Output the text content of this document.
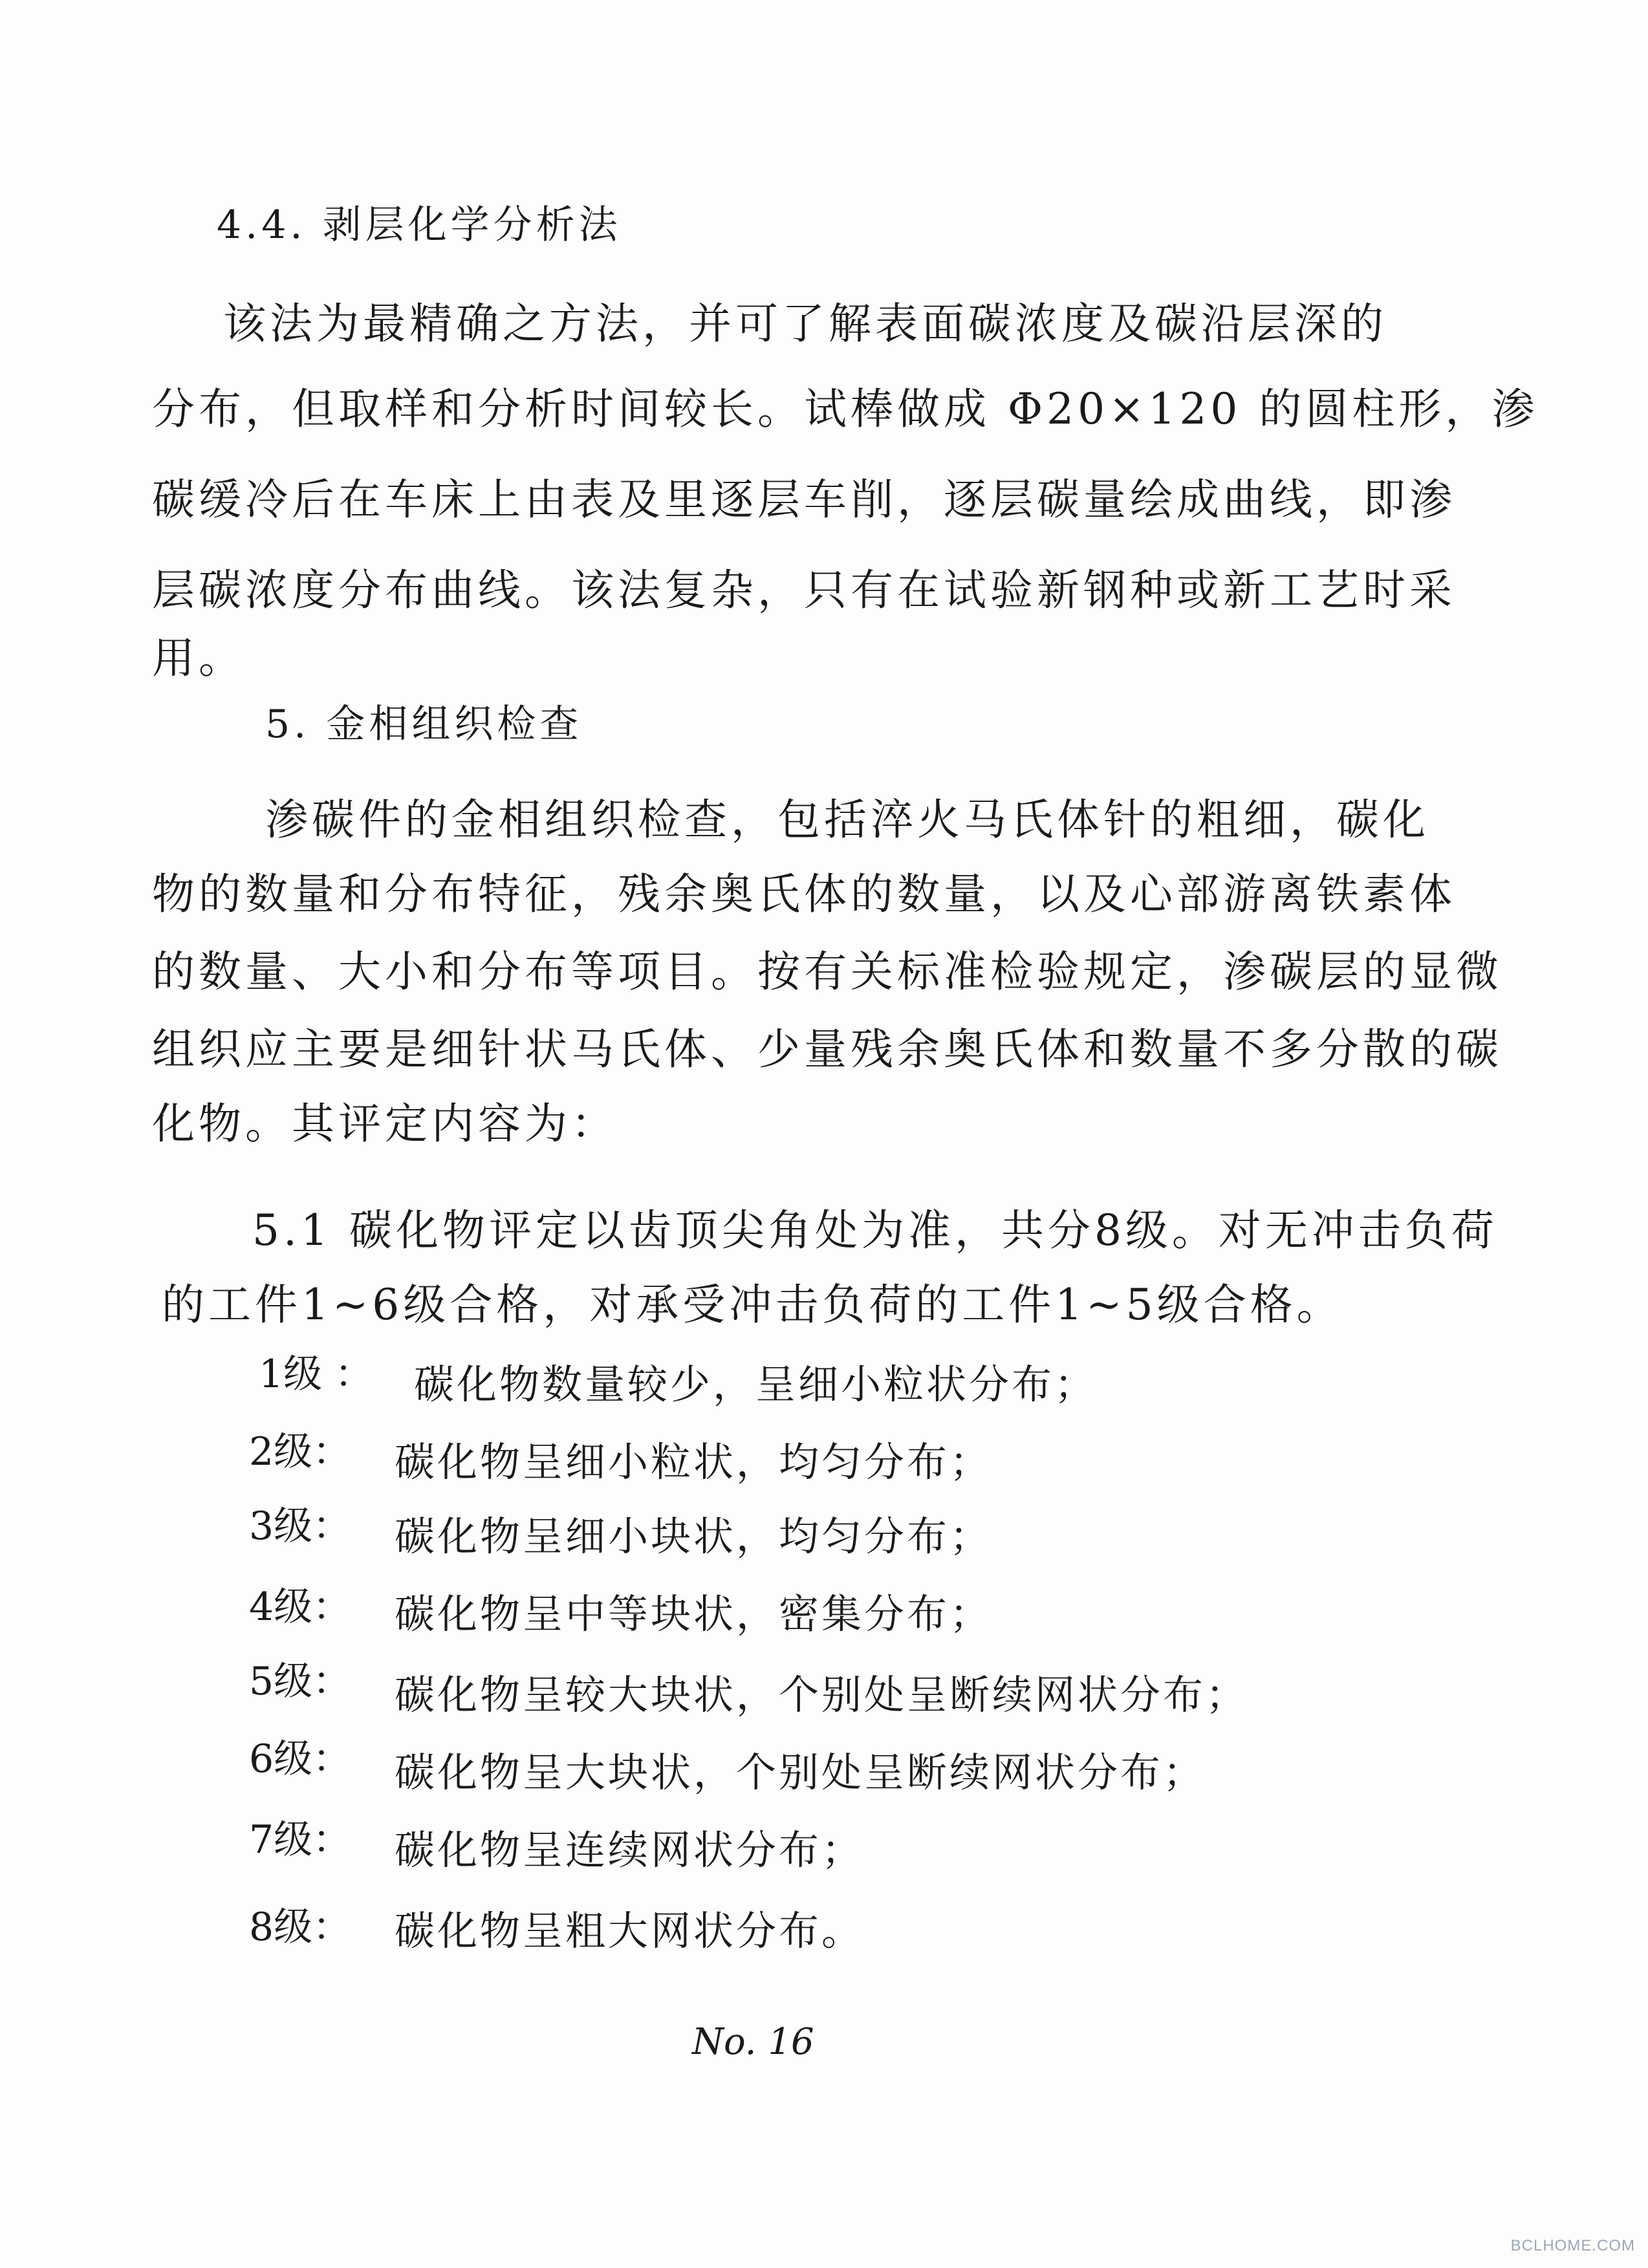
4.4. 剥层化学分析法
该法为最精确之方法，并可了解表面碳浓度及碳沿层深的
分布，但取样和分析时间较长。试棒做成 Φ20×120 的圆柱形，渗
碳缓冷后在车床上由表及里逐层车削，逐层碳量绘成曲线，即渗
层碳浓度分布曲线。该法复杂，只有在试验新钢种或新工艺时采
用。
5. 金相组织检查
渗碳件的金相组织检查，包括淬火马氏体针的粗细，碳化
物的数量和分布特征，残余奥氏体的数量，以及心部游离铁素体
的数量、大小和分布等项目。按有关标准检验规定，渗碳层的显微
组织应主要是细针状马氏体、少量残余奥氏体和数量不多分散的碳
化物。其评定内容为：
5.1 碳化物评定以齿顶尖角处为准，共分8级。对无冲击负荷
的工件1~6级合格，对承受冲击负荷的工件1~5级合格。
1级 ： 碳化物数量较少，呈细小粒状分布；
2级： 碳化物呈细小粒状，均匀分布；
3级： 碳化物呈细小块状，均匀分布；
4级： 碳化物呈中等块状，密集分布；
5级： 碳化物呈较大块状，个别处呈断续网状分布；
6级： 碳化物呈大块状，个别处呈断续网状分布；
7级： 碳化物呈连续网状分布；
8级： 碳化物呈粗大网状分布。
No. 16
BCLHOME.COM
